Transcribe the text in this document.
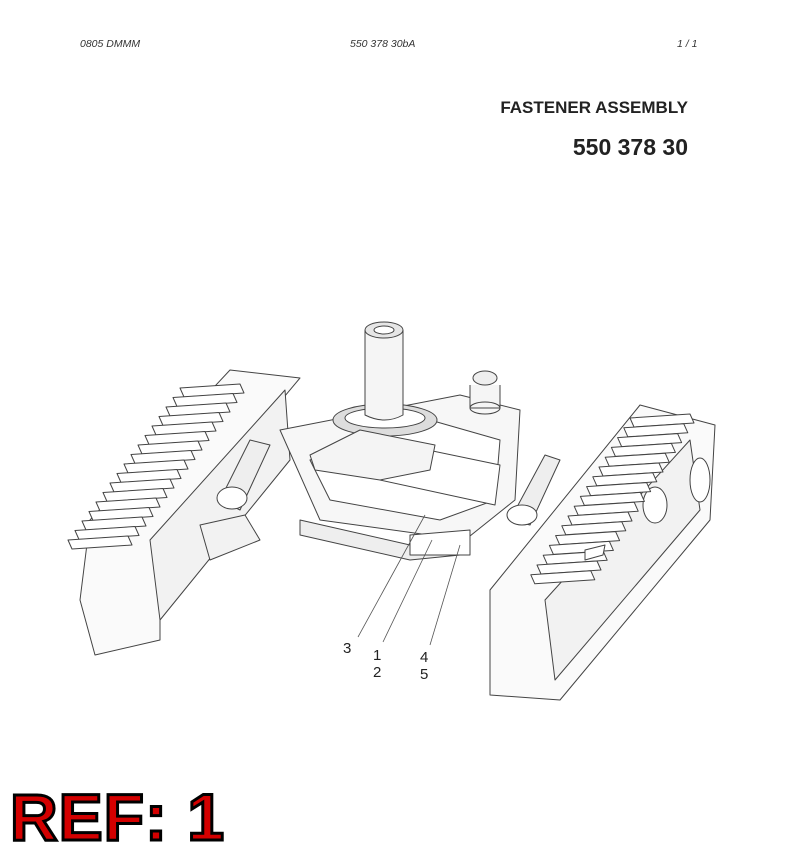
0805 DMMM	550 378 30bA	1 / 1
FASTENER ASSEMBLY
550 378 30
3 1
2
4
5
REF: 1
